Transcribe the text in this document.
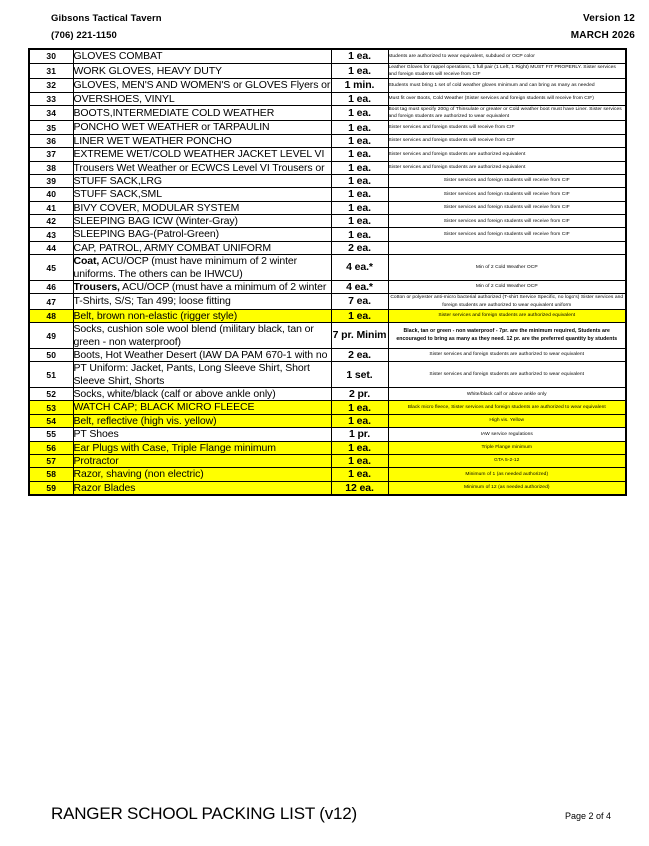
Gibsons Tactical Tavern
(706) 221-1150
Version 12
MARCH 2026
30	GLOVES COMBAT	1 ea.	students are authorized to wear equivalent, subdued or OCP color
31	WORK GLOVES, HEAVY DUTY	1 ea.	Leather Gloves for rappel operations, 1 full pair (1 Left, 1 Right) MUST FIT PROPERLY. Sister services and foreign students will receive from CIF
32	GLOVES, MEN'S AND WOMEN'S or GLOVES Flyers or	1 min.	Students must bring 1 set of cold weather gloves minimum and can bring as many as needed
33	OVERSHOES, VINYL	1 ea.	Must fit over Boots, Cold Weather (Sister services and foreign students will receive from CIF)
34	BOOTS,INTERMEDIATE COLD WEATHER	1 ea.	Boot tag must specify 200g of Thinsulate or greater or Cold weather boot must have Liner. Sister services and foreign students are authorized to wear equivalent
35	PONCHO WET WEATHER or TARPAULIN	1 ea.	Sister services and foreign students will receive from CIF
36	LINER WET WEATHER PONCHO	1 ea.	Sister services and foreign students will receive from CIF
37	EXTREME WET/COLD WEATHER JACKET LEVEL VI	1 ea.	Sister services and foreign students are authorized equivalent
38	Trousers Wet Weather or ECWCS Level VI Trousers or	1 ea.	Sister services and foreign students are authorized equivalent
39	STUFF SACK,LRG	1 ea.	Sister services and foreign students will receive from CIF
40	STUFF SACK,SML	1 ea.	Sister services and foreign students will receive from CIF
41	BIVY COVER, MODULAR SYSTEM	1 ea.	Sister services and foreign students will receive from CIF
42	SLEEPING BAG ICW (Winter-Gray)	1 ea.	Sister services and foreign students will receive from CIF
43	SLEEPING BAG-(Patrol-Green)	1 ea.	Sister services and foreign students will receive from CIF
44	CAP, PATROL, ARMY COMBAT UNIFORM	2 ea.	
45	Coat, ACU/OCP (must have minimum of 2 winter uniforms. The others can be IHWCU)	4 ea.*	Min of 2 Cold Weather OCP
46	Trousers, ACU/OCP (must have a minimum of 2 winter	4 ea.*	Min of 2 Cold Weather OCP
47	T-Shirts, S/S; Tan 499; loose fitting	7 ea.	Cotton or polyester anti-micro bacterial authorized (T-shirt Service Specific, no logo's) Sister services and foreign students are authorized to wear equivalent uniform
48	Belt, brown non-elastic (rigger style)	1 ea.	Sister services and foreign students are authorized equivalent
49	Socks, cushion sole wool blend (military black, tan or green - non waterproof)	7 pr. Minim	Black, tan or green - non waterproof - 7pr. are the minimum required, Students are encouraged to bring as many as they need. 12 pr. are the preferred quantity by students
50	Boots, Hot Weather Desert (IAW DA PAM 670-1 with no	2 ea.	Sister services and foreign students are authorized to wear equivalent
51	PT Uniform: Jacket, Pants, Long Sleeve Shirt, Short Sleeve Shirt, Shorts	1 set.	Sister services and foreign students are authorized to wear equivalent
52	Socks, white/black (calf or above ankle only)	2 pr.	White/black calf or above ankle only
53	WATCH CAP; BLACK MICRO FLEECE	1 ea.	Black micro fleece, Sister services and foreign students are authorized to wear equivalent
54	Belt, reflective (high vis. yellow)	1 ea.	High vis. Yellow
55	PT Shoes	1 pr.	IAW service regulations
56	Ear Plugs with Case, Triple Flange minimum	1 ea.	Triple Flange minimum
57	Protractor	1 ea.	GTA 5-2-12
58	Razor, shaving (non electric)	1 ea.	Minimum of 1 (as needed authorized)
59	Razor Blades	12 ea.	Minimum of 12 (as needed authorized)
RANGER SCHOOL PACKING LIST (v12)	Page 2 of 4
